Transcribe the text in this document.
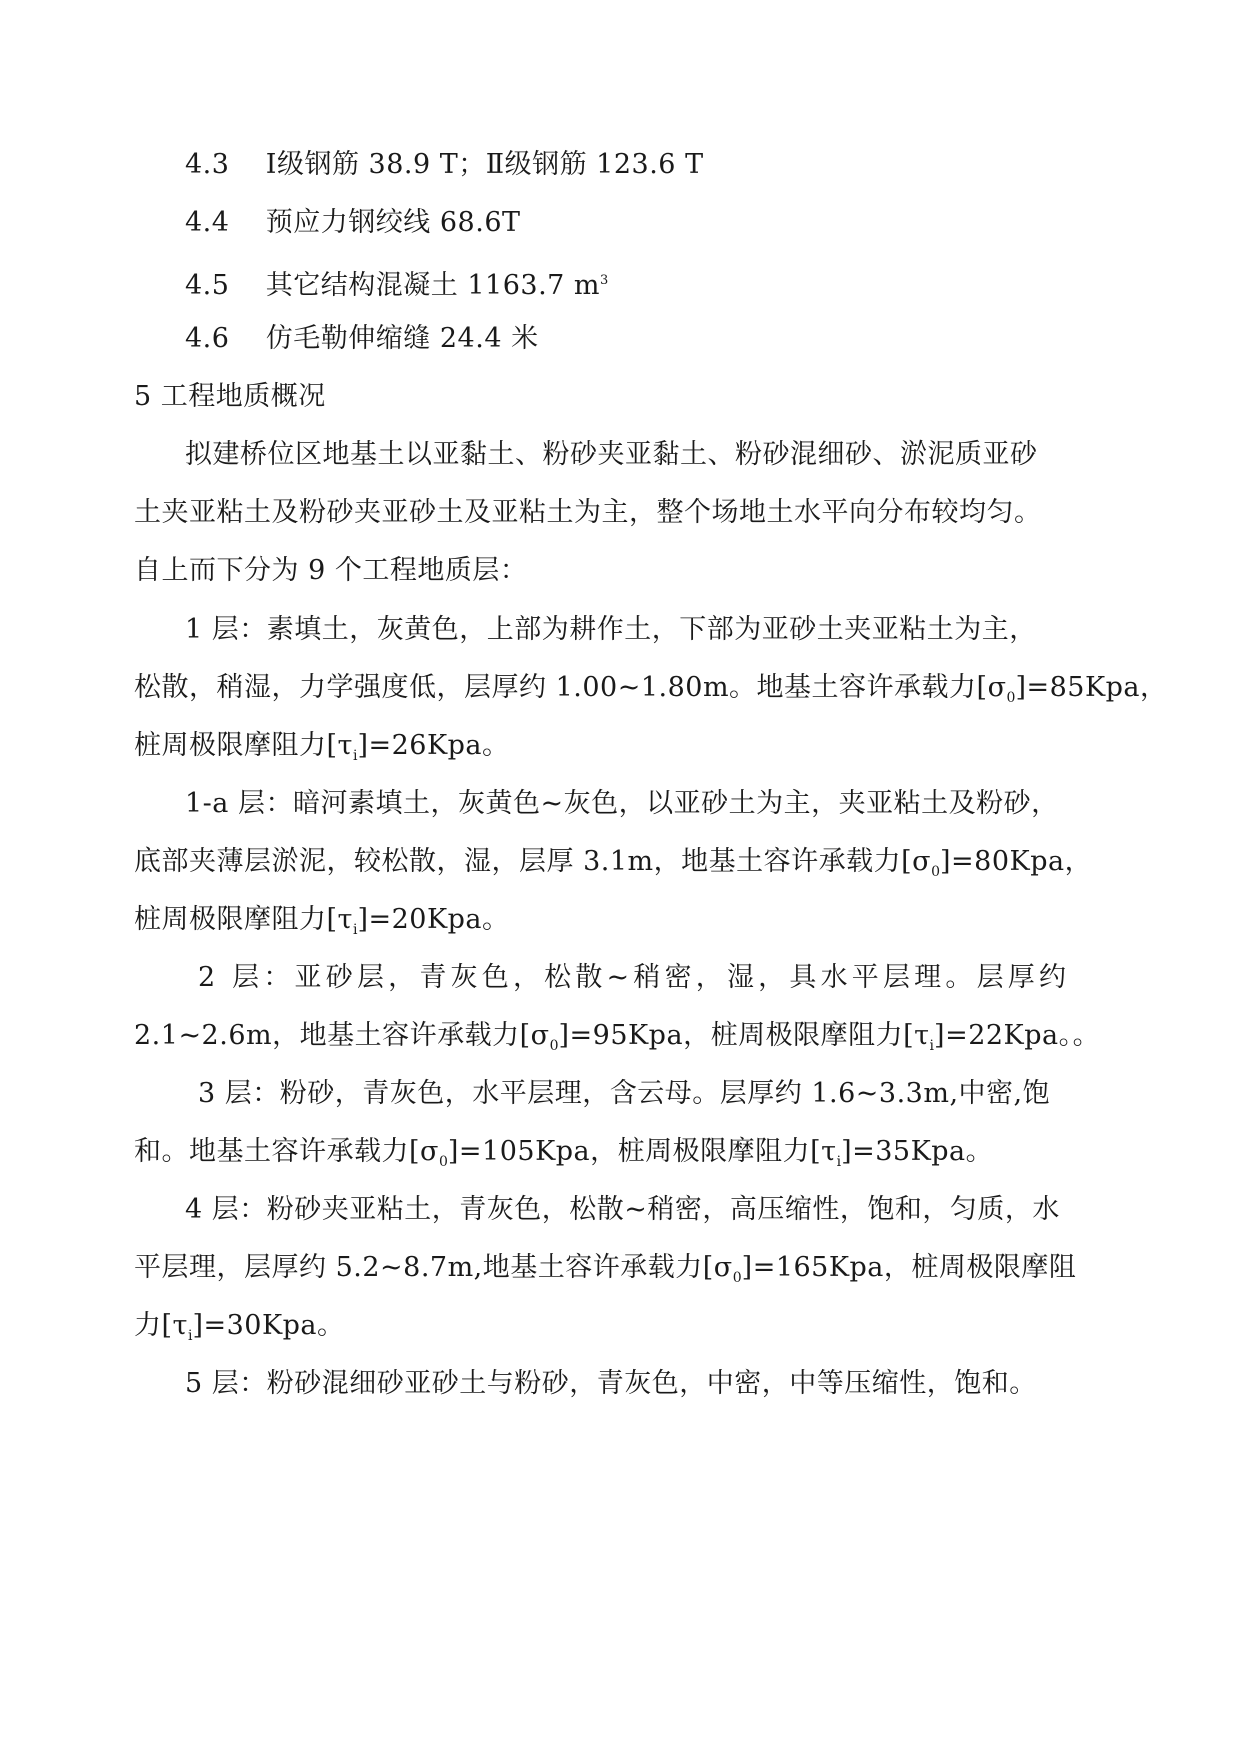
4.3 Ⅰ级钢筋 38.9 T；Ⅱ级钢筋 123.6 T
4.4 预应力钢绞线 68.6T
4.5 其它结构混凝土 1163.7 $m^3$
4.6 仿毛勒伸缩缝 24.4 米
5 工程地质概况
拟建桥位区地基土以亚黏土、粉砂夹亚黏土、粉砂混细砂、淤泥质亚砂
土夹亚粘土及粉砂夹亚砂土及亚粘土为主，整个场地土水平向分布较均匀。
自上而下分为 9 个工程地质层：
1 层：素填土，灰黄色，上部为耕作土，下部为亚砂土夹亚粘土为主，
松散，稍湿，力学强度低，层厚约 1.00~1.80m。地基土容许承载力$[\sigma_0]=85Kpa$，
桩周极限摩阻力$[\tau_i]=26Kpa$。
1-a 层：暗河素填土，灰黄色~灰色，以亚砂土为主，夹亚粘土及粉砂，
底部夹薄层淤泥，较松散，湿，层厚 3.1m，地基土容许承载力$[\sigma_0]=80Kpa$，
桩周极限摩阻力$[\tau_i]=20Kpa$。
2 层：亚砂层，青灰色，松散~稍密，湿，具水平层理。层厚约
2.1~2.6m，地基土容许承载力$[\sigma_0]=95Kpa$，桩周极限摩阻力$[\tau_i]=22Kpa$。。
3 层：粉砂，青灰色，水平层理，含云母。层厚约 1.6~3.3m,中密,饱
和。地基土容许承载力$[\sigma_0]=105Kpa$，桩周极限摩阻力$[\tau_i]=35Kpa$。
4 层：粉砂夹亚粘土，青灰色，松散~稍密，高压缩性，饱和，匀质，水
平层理，层厚约 5.2~8.7m,地基土容许承载力$[\sigma_0]=165Kpa$，桩周极限摩阻
力$[\tau_i]=30Kpa$。
5 层：粉砂混细砂亚砂土与粉砂，青灰色，中密，中等压缩性，饱和。
